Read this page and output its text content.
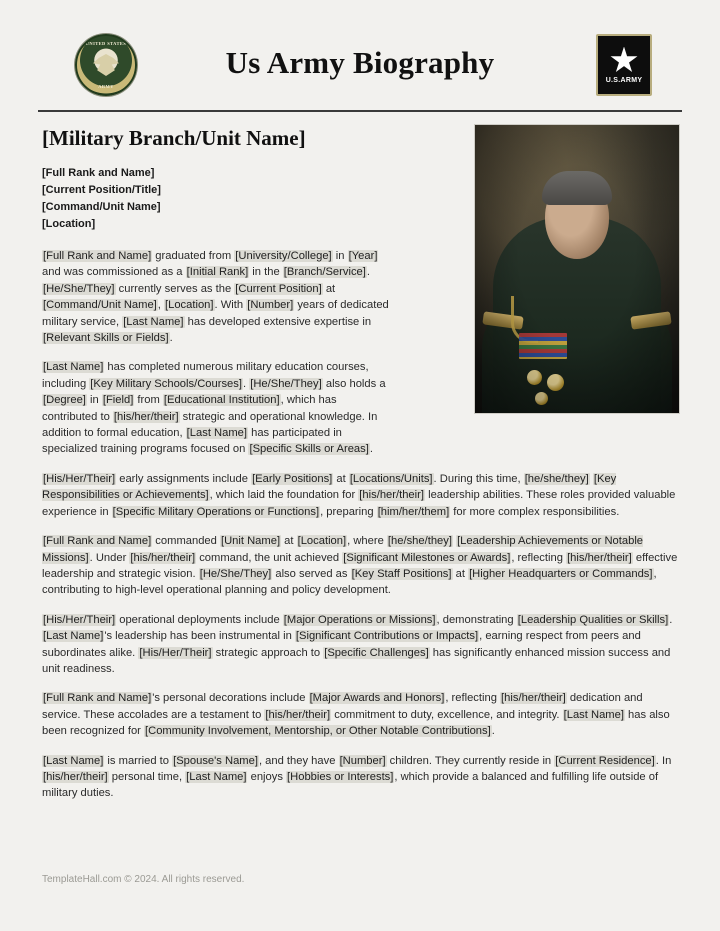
UNITED STATES
ARMY
Us Army Biography	U.S.ARMY
[Military Branch/Unit Name]
[Full Rank and Name]
[Current Position/Title]
[Command/Unit Name]
[Location]

[Full Rank and Name] graduated from [University/College] in [Year] and was commissioned as a [Initial Rank] in the [Branch/Service]. [He/She/They] currently serves as the [Current Position] at [Command/Unit Name], [Location]. With [Number] years of dedicated military service, [Last Name] has developed extensive expertise in [Relevant Skills or Fields].

[Last Name] has completed numerous military education courses, including [Key Military Schools/Courses]. [He/She/They] also holds a [Degree] in [Field] from [Educational Institution], which has contributed to [his/her/their] strategic and operational knowledge. In addition to formal education, [Last Name] has participated in specialized training programs focused on [Specific Skills or Areas].

[His/Her/Their] early assignments include [Early Positions] at [Locations/Units]. During this time, [he/she/they] [Key Responsibilities or Achievements], which laid the foundation for [his/her/their] leadership abilities. These roles provided valuable experience in [Specific Military Operations or Functions], preparing [him/her/them] for more complex responsibilities.

[Full Rank and Name] commanded [Unit Name] at [Location], where [he/she/they] [Leadership Achievements or Notable Missions]. Under [his/her/their] command, the unit achieved [Significant Milestones or Awards], reflecting [his/her/their] effective leadership and strategic vision. [He/She/They] also served as [Key Staff Positions] at [Higher Headquarters or Commands], contributing to high-level operational planning and policy development.

[His/Her/Their] operational deployments include [Major Operations or Missions], demonstrating [Leadership Qualities or Skills]. [Last Name]'s leadership has been instrumental in [Significant Contributions or Impacts], earning respect from peers and subordinates alike. [His/Her/Their] strategic approach to [Specific Challenges] has significantly enhanced mission success and unit readiness.

[Full Rank and Name]'s personal decorations include [Major Awards and Honors], reflecting [his/her/their] dedication and service. These accolades are a testament to [his/her/their] commitment to duty, excellence, and integrity. [Last Name] has also been recognized for [Community Involvement, Mentorship, or Other Notable Contributions].

[Last Name] is married to [Spouse's Name], and they have [Number] children. They currently reside in [Current Residence]. In [his/her/their] personal time, [Last Name] enjoys [Hobbies or Interests], which provide a balanced and fulfilling life outside of military duties.

TemplateHall.com © 2024. All rights reserved.
